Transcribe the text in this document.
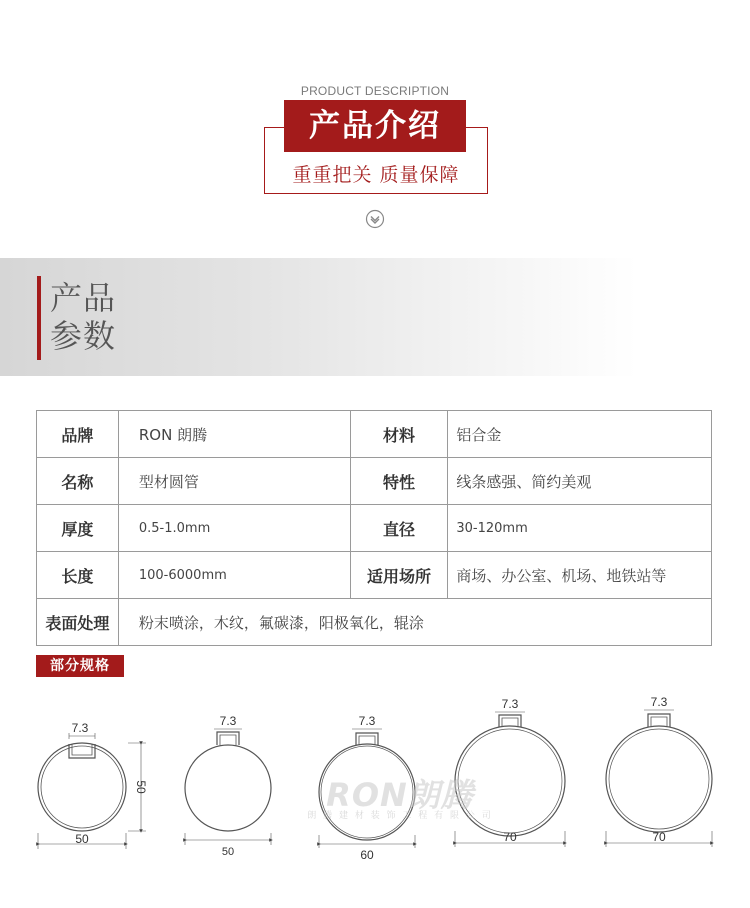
PRODUCT DESCRIPTION
产品介绍
重重把关 质量保障
产品
参数
品牌	RON 朗腾	材料	铝合金
名称	型材圆管	特性	线条感强、简约美观
厚度	0.5-1.0mm	直径	30-120mm
长度	100-6000mm	适用场所	商场、办公室、机场、地铁站等
表面处理	粉末喷涂，木纹，氟碳漆，阳极氧化，辊涂		
部分规格
7.3
50
50
7.3
50
7.3
60
7.3
70
7.3
70
RON朗腾
朗 腾 建 材 装 饰 工 程 有 限 公 司
